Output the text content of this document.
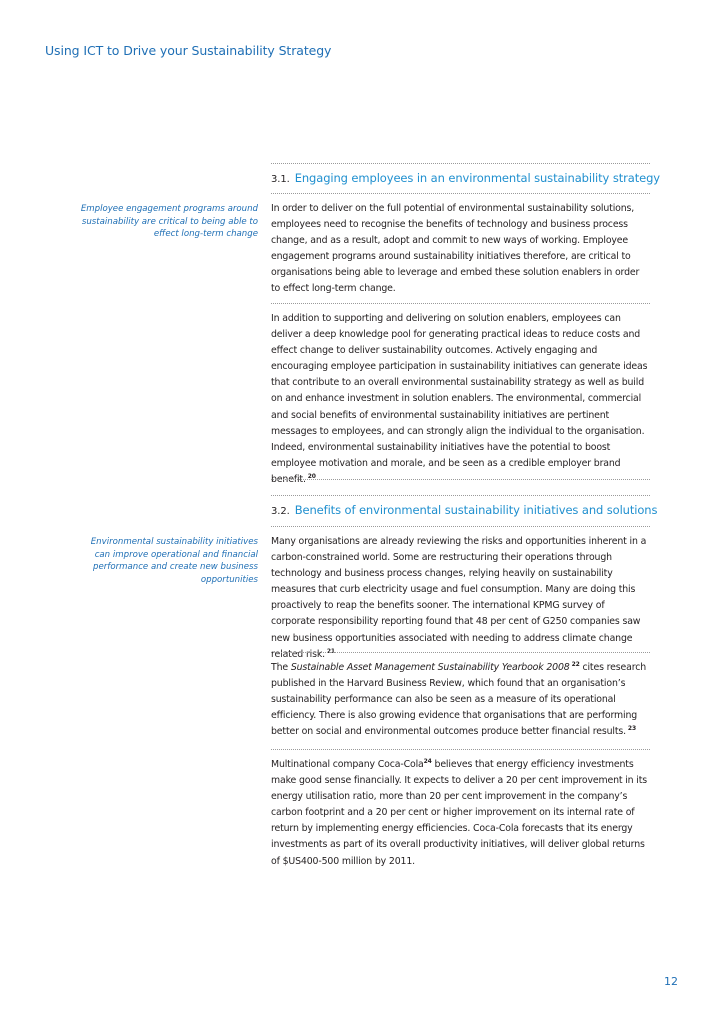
Using ICT to Drive your Sustainability Strategy
3.1. Engaging employees in an environmental sustainability strategy
Employee engagement programs around sustainability are critical to being able to effect long-term change

In order to deliver on the full potential of environmental sustainability solutions, employees need to recognise the benefits of technology and business process change, and as a result, adopt and commit to new ways of working. Employee engagement programs around sustainability initiatives therefore, are critical to organisations being able to leverage and embed these solution enablers in order to effect long-term change.

In addition to supporting and delivering on solution enablers, employees can deliver a deep knowledge pool for generating practical ideas to reduce costs and effect change to deliver sustainability outcomes. Actively engaging and encouraging employee participation in sustainability initiatives can generate ideas that contribute to an overall environmental sustainability strategy as well as build on and enhance investment in solution enablers. The environmental, commercial and social benefits of environmental sustainability initiatives are pertinent messages to employees, and can strongly align the individual to the organisation. Indeed, environmental sustainability initiatives have the potential to boost employee motivation and morale, and be seen as a credible employer brand benefit. $^{20}$

3.2. Benefits of environmental sustainability initiatives and solutions
Environmental sustainability initiatives can improve operational and financial performance and create new business opportunities

Many organisations are already reviewing the risks and opportunities inherent in a carbon-constrained world. Some are restructuring their operations through technology and business process changes, relying heavily on sustainability measures that curb electricity usage and fuel consumption. Many are doing this proactively to reap the benefits sooner. The international KPMG survey of corporate responsibility reporting found that 48 per cent of G250 companies saw new business opportunities associated with needing to address climate change related risk. $^{21}$

The Sustainable Asset Management Sustainability Yearbook 2008 $^{22}$ cites research published in the Harvard Business Review, which found that an organisation’s sustainability performance can also be seen as a measure of its operational efficiency. There is also growing evidence that organisations that are performing better on social and environmental outcomes produce better financial results. $^{23}$

Multinational company Coca-Cola$^{24}$ believes that energy efficiency investments make good sense financially. It expects to deliver a 20 per cent improvement in its energy utilisation ratio, more than 20 per cent improvement in the company’s carbon footprint and a 20 per cent or higher improvement on its internal rate of return by implementing energy efficiencies. Coca-Cola forecasts that its energy investments as part of its overall productivity initiatives, will deliver global returns of $US400-500 million by 2011.

12
